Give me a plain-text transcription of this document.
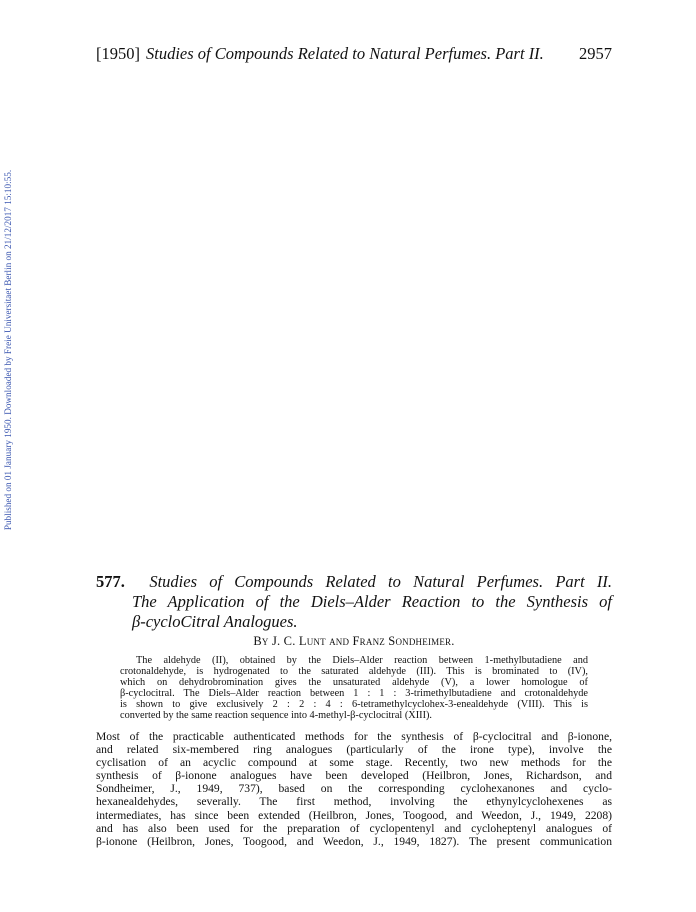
[1950] Studies of Compounds Related to Natural Perfumes. Part II.	2957
Published on 01 January 1950. Downloaded by Freie Universitaet Berlin on 21/12/2017 15:10:55.
577. Studies of Compounds Related to Natural Perfumes. Part II.
The Application of the Diels–Alder Reaction to the Synthesis of
β-cycloCitral Analogues.
By J. C. Lunt and Franz Sondheimer.
The aldehyde (II), obtained by the Diels–Alder reaction between 1-methylbutadiene and
crotonaldehyde, is hydrogenated to the saturated aldehyde (III). This is brominated to (IV),
which on dehydrobromination gives the unsaturated aldehyde (V), a lower homologue of
β-cyclocitral. The Diels–Alder reaction between 1 : 1 : 3-trimethylbutadiene and crotonaldehyde
is shown to give exclusively 2 : 2 : 4 : 6-tetramethylcyclohex-3-enealdehyde (VIII). This is
converted by the same reaction sequence into 4-methyl-β-cyclocitral (XIII).
Most of the practicable authenticated methods for the synthesis of β-cyclocitral and β-ionone,
and related six-membered ring analogues (particularly of the irone type), involve the
cyclisation of an acyclic compound at some stage. Recently, two new methods for the
synthesis of β-ionone analogues have been developed (Heilbron, Jones, Richardson, and
Sondheimer, J., 1949, 737), based on the corresponding cyclohexanones and cyclo-
hexanealdehydes, severally. The first method, involving the ethynylcyclohexenes as
intermediates, has since been extended (Heilbron, Jones, Toogood, and Weedon, J., 1949, 2208)
and has also been used for the preparation of cyclopentenyl and cycloheptenyl analogues of
β-ionone (Heilbron, Jones, Toogood, and Weedon, J., 1949, 1827). The present communication
